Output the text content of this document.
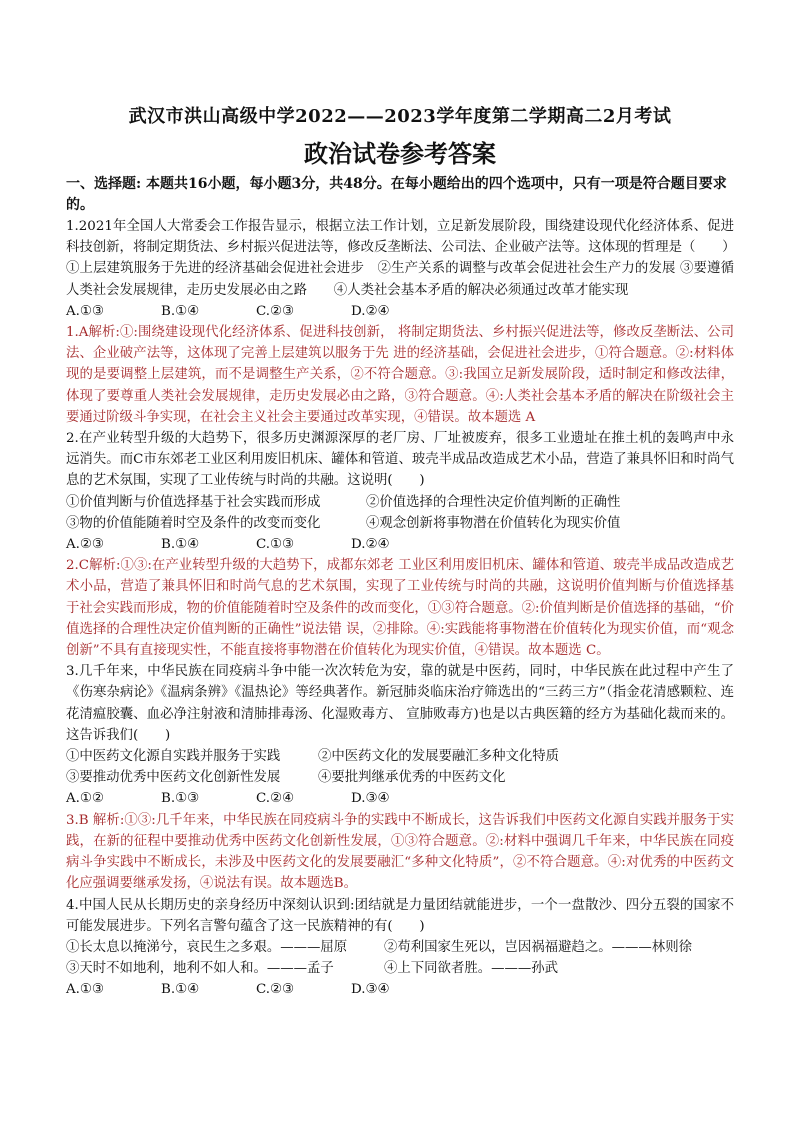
武汉市洪山高级中学2022——2023学年度第二学期高二2月考试
政治试卷参考答案
一、选择题: 本题共16小题，每小题3分，共48分。在每小题给出的四个选项中，只有一项是符合题目要求的。

1.2021年全国人大常委会工作报告显示，根据立法工作计划，立足新发展阶段，围绕建设现代化经济体系、促进科技创新，将制定期货法、乡村振兴促进法等，修改反垄断法、公司法、企业破产法等。这体现的哲理是（　　）

①上层建筑服务于先进的经济基础会促进社会进步　②生产关系的调整与改革会促进社会生产力的发展 ③要遵循人类社会发展规律，走历史发展必由之路　　④人类社会基本矛盾的解决必须通过改革才能实现

A.①③	B.①④	C.②③	D.②④

1.A解析:①:围绕建设现代化经济体系、促进科技创新， 将制定期货法、乡村振兴促进法等，修改反垄断法、公司法、企业破产法等，这体现了完善上层建筑以服务于先 进的经济基础，会促进社会进步，①符合题意。②:材料体现的是要调整上层建筑，而不是调整生产关系，②不符合题意。③:我国立足新发展阶段，适时制定和修改法律，体现了要尊重人类社会发展规律，走历史发展必由之路，③符合题意。④:人类社会基本矛盾的解决在阶级社会主要通过阶级斗争实现，在社会主义社会主要通过改革实现，④错误。故本题选 A

2.在产业转型升级的大趋势下，很多历史渊源深厚的老厂房、厂址被废弃，很多工业遗址在推土机的轰鸣声中永远消失。而C市东郊老工业区利用废旧机床、罐体和管道、玻壳半成品改造成艺术小品，营造了兼具怀旧和时尚气息的艺术氛围，实现了工业传统与时尚的共融。这说明(　　)

①价值判断与价值选择基于社会实践而形成	②价值选择的合理性决定价值判断的正确性
③物的价值能随着时空及条件的改变而变化	④观念创新将事物潜在价值转化为现实价值
A.②③	B.①④	C.①③	D.②④

2.C解析:①③:在产业转型升级的大趋势下，成都东郊老 工业区利用废旧机床、罐体和管道、玻壳半成品改造成艺术小品，营造了兼具怀旧和时尚气息的艺术氛围，实现了工业传统与时尚的共融，这说明价值判断与价值选择基于社会实践而形成，物的价值能随着时空及条件的改而变化，①③符合题意。②:价值判断是价值选择的基础，“价值选择的合理性决定价值判断的正确性”说法错 误，②排除。④:实践能将事物潜在价值转化为现实价值，而“观念创新”不具有直接现实性，不能直接将事物潜在价值转化为现实价值，④错误。故本题选 C。

3.几千年来，中华民族在同疫病斗争中能一次次转危为安，靠的就是中医药，同时，中华民族在此过程中产生了《伤寒杂病论》《温病条辨》《温热论》等经典著作。新冠肺炎临床治疗筛选出的“三药三方”（指金花清感颗粒、连花清瘟胶囊、血必净注射液和清肺排毒汤、化湿败毒方、 宣肺败毒方)也是以古典医籍的经方为基础化裁而来的。这告诉我们(　　)

①中医药文化源自实践并服务于实践	②中医药文化的发展要融汇多种文化特质
③要推动优秀中医药文化创新性发展	④要批判继承优秀的中医药文化
A.①②	B.①③	C.②④	D.③④

3.B 解析:①③:几千年来，中华民族在同疫病斗争的实践中不断成长，这告诉我们中医药文化源自实践并服务于实践，在新的征程中要推动优秀中医药文化创新性发展，①③符合题意。②:材料中强调几千年来，中华民族在同疫病斗争实践中不断成长，未涉及中医药文化的发展要融汇“多种文化特质”，②不符合题意。④:对优秀的中医药文化应强调要继承发扬，④说法有误。故本题选B。

4.中国人民从长期历史的亲身经历中深刻认识到:团结就是力量团结就能进步，一个一盘散沙、四分五裂的国家不可能发展进步。下列名言警句蕴含了这一民族精神的有(　　)

①长太息以掩涕兮，哀民生之多艰。———屈原	②苟利国家生死以，岂因祸福避趋之。———林则徐
③天时不如地利，地利不如人和。———孟子	④上下同欲者胜。———孙武
A.①③	B.①④	C.②③	D.③④
